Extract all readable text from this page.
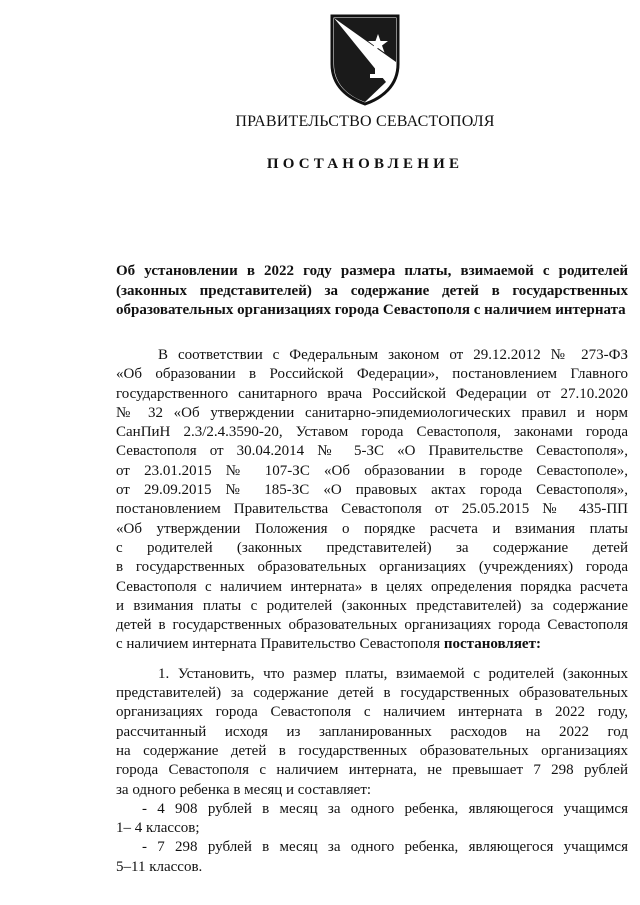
ПРАВИТЕЛЬСТВО СЕВАСТОПОЛЯ
ПОСТАНОВЛЕНИЕ
Об установлении в 2022 году размера платы, взимаемой с родителей
(законных представителей) за содержание детей в государственных
образовательных организациях города Севастополя с наличием интерната
В соответствии с Федеральным законом от 29.12.2012 № 273-ФЗ
«Об образовании в Российской Федерации», постановлением Главного
государственного санитарного врача Российской Федерации от 27.10.2020
№ 32 «Об утверждении санитарно-эпидемиологических правил и норм
СанПиН 2.3/2.4.3590-20, Уставом города Севастополя, законами города
Севастополя от 30.04.2014 № 5-ЗС «О Правительстве Севастополя»,
от 23.01.2015 № 107-ЗС «Об образовании в городе Севастополе»,
от 29.09.2015 № 185-ЗС «О правовых актах города Севастополя»,
постановлением Правительства Севастополя от 25.05.2015 № 435-ПП
«Об утверждении Положения о порядке расчета и взимания платы
с родителей (законных представителей) за содержание детей
в государственных образовательных организациях (учреждениях) города
Севастополя с наличием интерната» в целях определения порядка расчета
и взимания платы с родителей (законных представителей) за содержание
детей в государственных образовательных организациях города Севастополя
с наличием интерната Правительство Севастополя постановляет:
1. Установить, что размер платы, взимаемой с родителей (законных
представителей) за содержание детей в государственных образовательных
организациях города Севастополя с наличием интерната в 2022 году,
рассчитанный исходя из запланированных расходов на 2022 год
на содержание детей в государственных образовательных организациях
города Севастополя с наличием интерната, не превышает 7 298 рублей
за одного ребенка в месяц и составляет:
- 4 908 рублей в месяц за одного ребенка, являющегося учащимся
1– 4 классов;
- 7 298 рублей в месяц за одного ребенка, являющегося учащимся
5–11 классов.
